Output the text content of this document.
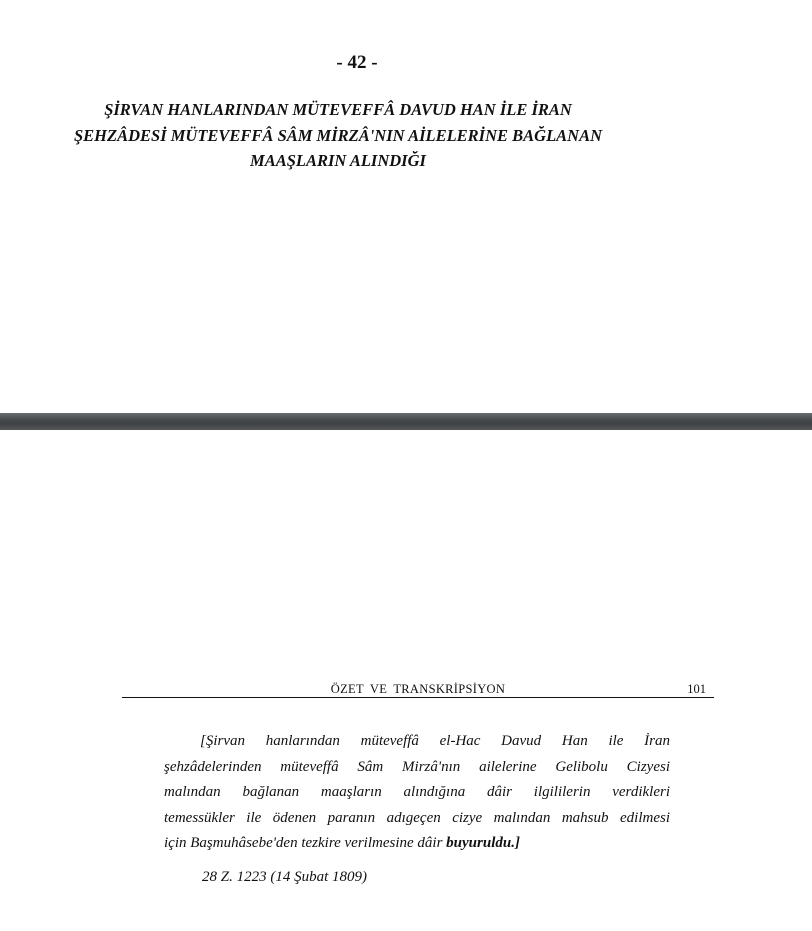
- 42 -
ŞİRVAN HANLARINDAN MÜTEVEFFÂ DAVUD HAN İLE İRAN
ŞEHZÂDESİ MÜTEVEFFÂ SÂM MİRZÂ'NIN AİLELERİNE BAĞLANAN
MAAŞLARIN ALINDIĞI
ÖZET VE TRANSKRİPSİYON	101
[Şirvan hanlarından müteveffâ el-Hac Davud Han ile İran
şehzâdelerinden müteveffâ Sâm Mirzâ'nın ailelerine Gelibolu Cizyesi
malından bağlanan maaşların alındığına dâir ilgililerin verdikleri
temessükler ile ödenen paranın adıgeçen cizye malından mahsub edilmesi
için Başmuhâsebe'den tezkire verilmesine dâir buyuruldu.]
28 Z. 1223 (14 Şubat 1809)
